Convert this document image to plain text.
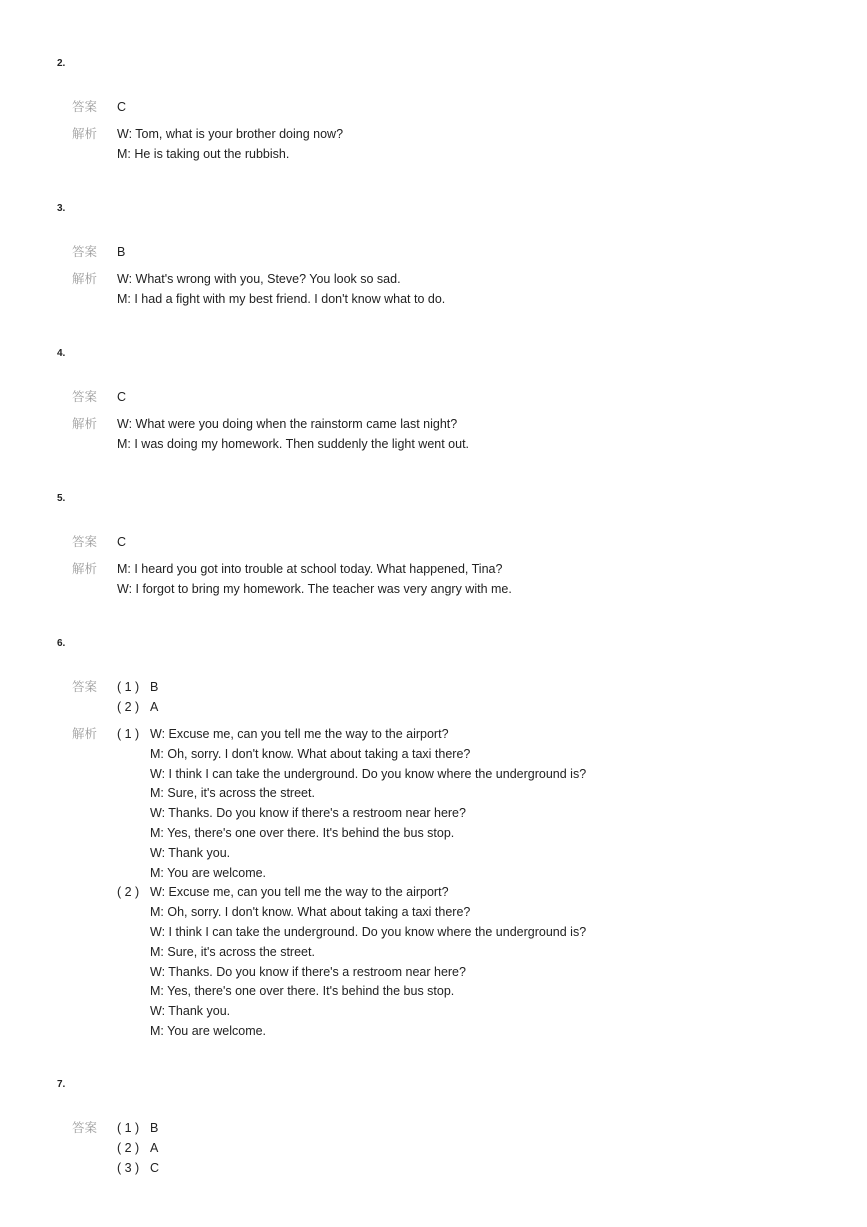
2.
答案	C
解析	W: Tom, what is your brother doing now?
M: He is taking out the rubbish.
3.
答案	B
解析	W: What's wrong with you, Steve? You look so sad.
M: I had a fight with my best friend. I don't know what to do.
4.
答案	C
解析	W: What were you doing when the rainstorm came last night?
M: I was doing my homework. Then suddenly the light went out.
5.
答案	C
解析	M: I heard you got into trouble at school today. What happened, Tina?
W: I forgot to bring my homework. The teacher was very angry with me.
6.
答案	( 1 ) B
( 2 ) A
解析	( 1 ) W: Excuse me, can you tell me the way to the airport?
M: Oh, sorry. I don't know. What about taking a taxi there?
W: I think I can take the underground. Do you know where the underground is?
M: Sure, it's across the street.
W: Thanks. Do you know if there's a restroom near here?
M: Yes, there's one over there. It's behind the bus stop.
W: Thank you.
M: You are welcome.
( 2 ) W: Excuse me, can you tell me the way to the airport?
M: Oh, sorry. I don't know. What about taking a taxi there?
W: I think I can take the underground. Do you know where the underground is?
M: Sure, it's across the street.
W: Thanks. Do you know if there's a restroom near here?
M: Yes, there's one over there. It's behind the bus stop.
W: Thank you.
M: You are welcome.
7.
答案	( 1 ) B
( 2 ) A
( 3 ) C
